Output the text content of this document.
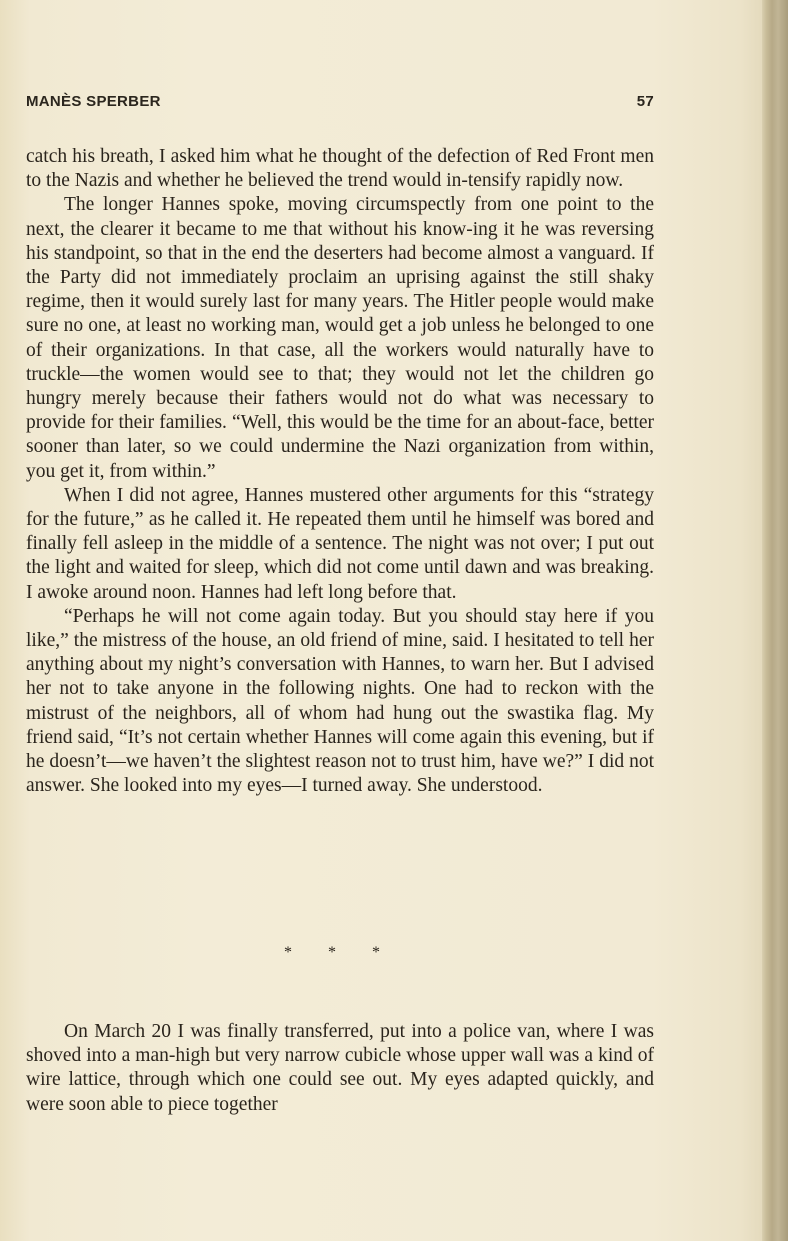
MANÈS SPERBER	57

catch his breath, I asked him what he thought of the defection of Red Front men to the Nazis and whether he believed the trend would in-tensify rapidly now.

The longer Hannes spoke, moving circumspectly from one point to the next, the clearer it became to me that without his know-ing it he was reversing his standpoint, so that in the end the deserters had become almost a vanguard. If the Party did not immediately proclaim an uprising against the still shaky regime, then it would surely last for many years. The Hitler people would make sure no one, at least no working man, would get a job unless he belonged to one of their organizations. In that case, all the workers would naturally have to truckle—the women would see to that; they would not let the children go hungry merely because their fathers would not do what was necessary to provide for their families. “Well, this would be the time for an about-face, better sooner than later, so we could undermine the Nazi organization from within, you get it, from within.”

When I did not agree, Hannes mustered other arguments for this “strategy for the future,” as he called it. He repeated them until he himself was bored and finally fell asleep in the middle of a sentence. The night was not over; I put out the light and waited for sleep, which did not come until dawn and was breaking. I awoke around noon. Hannes had left long before that.

“Perhaps he will not come again today. But you should stay here if you like,” the mistress of the house, an old friend of mine, said. I hesitated to tell her anything about my night’s conversation with Hannes, to warn her. But I advised her not to take anyone in the following nights. One had to reckon with the mistrust of the neighbors, all of whom had hung out the swastika flag. My friend said, “It’s not certain whether Hannes will come again this evening, but if he doesn’t—we haven’t the slightest reason not to trust him, have we?” I did not answer. She looked into my eyes—I turned away. She understood.

* * *

On March 20 I was finally transferred, put into a police van, where I was shoved into a man-high but very narrow cubicle whose upper wall was a kind of wire lattice, through which one could see out. My eyes adapted quickly, and were soon able to piece together
